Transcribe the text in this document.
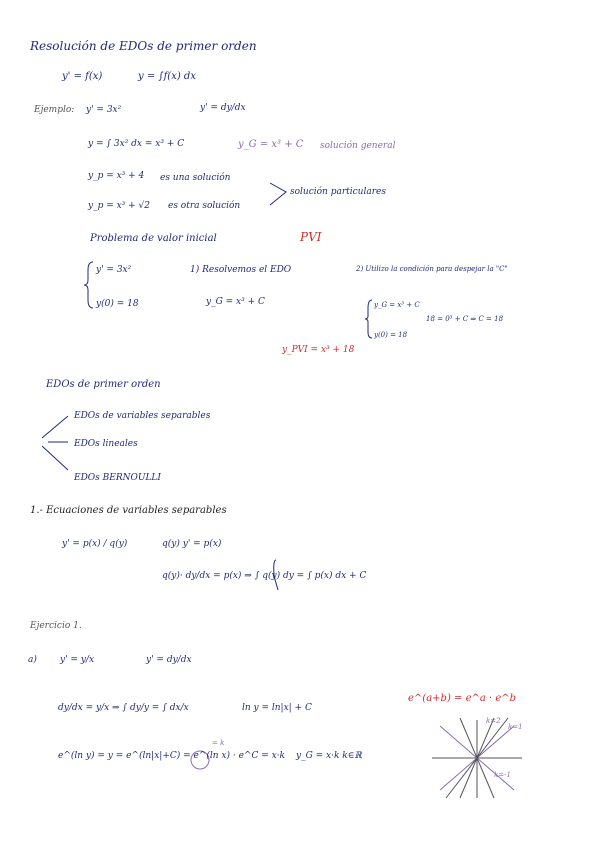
Resolución de EDOs de primer orden
y' = f(x)	y = ∫f(x) dx
Ejemplo: y' = 3x²	y' = dy/dx
y = ∫ 3x² dx = x³ + C	y_G = x³ + C solución general
y_p = x³ + 4 es una solución
solución particulares
y_p = x³ + √2 es otra solución
Problema de valor inicial	PVI
y' = 3x²
y(0) = 18
1) Resolvemos el EDO
y_G = x³ + C
2) Utilizo la condición para despejar la "C"
y_G = x³ + C
y(0) = 18
18 = 0³ + C ⇒ C = 18
y_PVI = x³ + 18
EDOs de primer orden
EDOs de variables separables
EDOs lineales
EDOs BERNOULLI
1.- Ecuaciones de variables separables
y' = p(x) / q(y)	q(y) y' = p(x)
q(y)· dy/dx = p(x) ⇒ ∫ q(y) dy = ∫ p(x) dx + C
Ejercicio 1.
a)	y' = y/x	y' = dy/dx
dy/dx = y/x ⇒ ∫ dy/y = ∫ dx/x	ln y = ln|x| + C
e^(a+b) = e^a · e^b
e^(ln y) = y = e^(ln|x|+C) = e^(ln x) · e^C = x·k
= k
y_G = x·k k∈ℝ
k=2
k=1
k=-1
